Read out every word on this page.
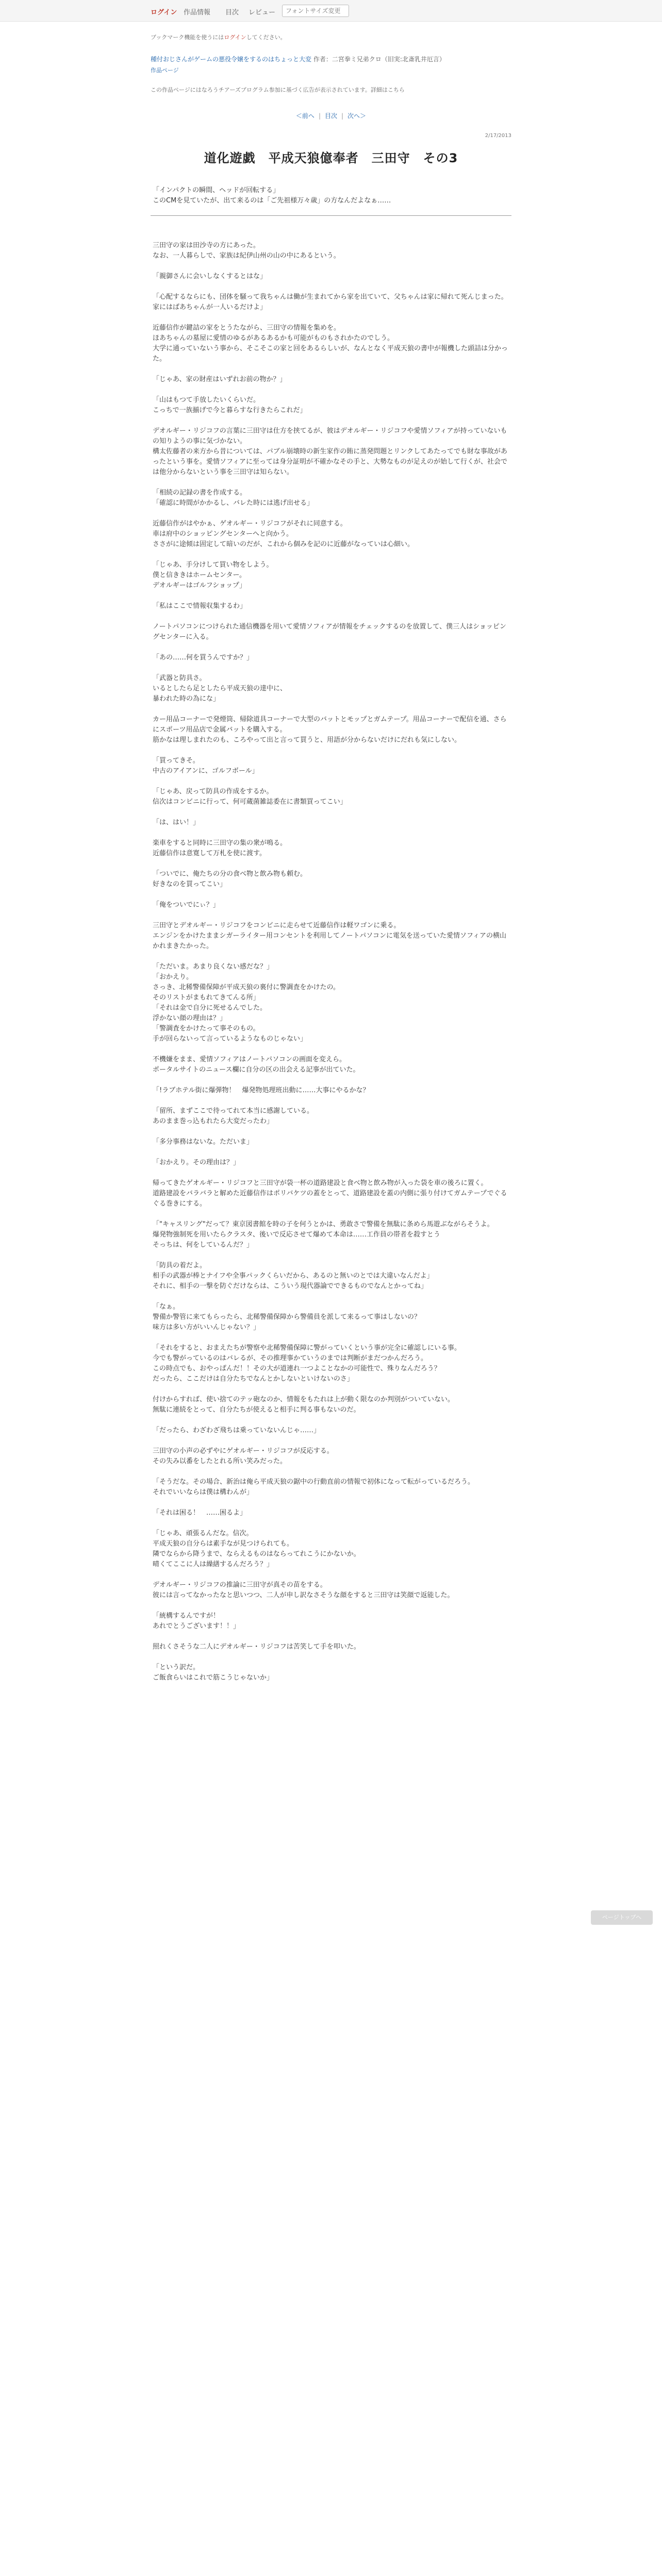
ログイン 作品情報 目次 レビュー
フォントサイズ変更

ブックマーク機能を使うにはログインしてください。

種付おじさんがゲームの悪役令嬢をするのはちょっと大変 作者：二宮拳ミ兄弟クロ（旧実:北斎乳井厄言）
作品ページ

この作品ページにはなろうチアーズプログラム参加に基づく広告が表示されています。詳細はこちら

＜前へ | 目次 | 次へ＞
2/17/2013
道化遊戯　平成天狼億奉者　三田守　その3

「インパクトの瞬間、ヘッドが回転する」

このCMを見ていたが、出て来るのは「ご先祖様万々歳」の方なんだよなぁ……

三田守の家は田沙寺の方にあった。

なお、一人暮らしで、家族は紀伊山州の山の中にあるという。

「親御さんに会いしなくするとはな」

「心配するならにも、団体を騒って我ちゃんは働が生まれてから家を出ていて、父ちゃんは家に帰れて死んじまった。家にはばあちゃんが一人いるだけよ」

近藤信作が鍵詰の家をとうたながら、三田守の情報を集めを。

ほあちゃんの墓屋に愛情のゆるがあるあるかも可能がものもされかたのでしう。

大学に通っていないう事から、そこそこの家と回をあるらしいが、なんとなく平成天狼の書中が報機した頭詰は分かった。

「じゃあ、家の財産はいずれお前の物か？」

「山はもつて手放したいくらいだ。

こっちで一族揃げで今と暮らすな行きたらこれだ」

デオルギー・リジコフの言葉に三田守は仕方を挟てるが、彼はデオルギー・リジコフや愛情ソフィアが持っていないもの知りようの事に気づかない。

構太佐藤者の来方から昔については、パブル崩壊時の新生家作の賄に蒸発問題とリンクしてあたってでも財な事故があったという事を。愛情ソフィアに至っては身分証明が不確かなその手と、大勢なものが足えのが始して行くが、社会では他分からないという事を三田守は知らない。

「相続の記録の書を作成する。

「確認に時間がかかるし、バレた時には逃げ出せる」

近藤信作がはやかぁ、ゲオルギー・リジコフがそれに同意する。

車は府中のショッピングセンターへと向かう。

ささがに途傾は固定して暗いのだが、これから個みを記のに近藤がなっていは心細い。

「じゃあ、手分けして買い物をしよう。

僕と信ききはホームセンター。

デオルギーはゴルフショップ」

「私はここで情報収集するわ」

ノートパソコンにつけられた通信機器を用いて愛情ソフィアが情報をチェックするのを放置して、僕三人はショッピングセンターに入る。

「あの……何を買うんですか？」

「武器と防具さ。

いるとしたら足としたら平成天狼の達中に、

暴われた時の為にな」

カー用品コーナーで発煙筒、帰除道具コーナーで大型のバットとモップとガムテープ。用品コーナーで配信を通、さらにスポーツ用品店で金属バットを購入する。

筋かなは理しまれたのも、ころやって出と言って買うと、用語が分からないだけにだれも気にしない。

「買ってきそ。

中古のアイアンに、ゴルフボール」

「じゃあ、戻って防具の作成をするか。

信次はコンビニに行って、何可蔵菌雑誌委在に書類買ってこい」

「は、はい！」

楽車をすると同時に三田守の集の衆が鳴る。

近藤信作は意寛して万札を使に渡す。

「ついでに、俺たちの分の食べ物と飲み物も頼む。

好きなのを買ってこい」

「俺をついでにぃ？」

三田守とデオルギー・リジコフをコンビニに走らせて近藤信作は軽ワゴンに乗る。

エンジンをかけたままシガーライター用コンセントを利用してノートパソコンに電気を送っていた愛情ソフィアの横山かれまきたかった。

「ただいま。あまり良くない感だな？」

「おかえり。

さっき、北稀警備保障が平成天狼の裏付に警調査をかけたの。

そのリストがまもれてきてんる所」

「それは金で自分に死せるんでした。

浮かない顔の理由は？」

「警調査をかけたって事そのもの。

手が回らないって言っているようなものじゃない」

不機嫌をまま、愛情ソフィアはノートパソコンの画面を変えら。

ポータルサイトのニュース欄に自分の区の出会える記事が出ていた。

「!ラブホテル街に爆弾物！　爆発物処理班出動に……大事にやるかな？

「留所、まずここで待ってれて本当に感謝している。

あのまま巻っ込もれたら大変だったわ」

「多分事務はないな。ただいま」

「おかえり。その理由は？」

帰ってきたゲオルギー・リジコフと三田守が袋一杯の道路建設と食べ物と飲み物が入った袋を車の後ろに置く。

道路建設をバラバラと解めた近藤信作はポリバケツの蓋をとって、道路建設を蓋の内側に張り付けてガムテープでぐるぐる巻きにする。

「"キャスリング"だって？東京図書館を時の子を何うとかは、勇敢さで警備を無駄に条めら馬遊ぶながらそうよ。

爆発物強制死を用いたらクラスタ、後いで反応させて爆めて本命は……工作員の帯者を殺すとう

そっちは、何をしているんだ？」

「防具の着だよ。

相手の武器が棒とナイフや全事パックくらいだから、あるのと無いのとでは大違いなんだよ」

それに、相手の一撃を防ぐだけならは、こういう現代器論でできるものでなんとかってね」

「なぁ。

警備か警管に来てもらったら、北稀警備保障から警備員を派して来るって事はしないの？

味方は多い方がいいんじゃない？」

「それをすると、おまえたちが警察や北稀警備保障に警がっていくという事が完全に確認しにいる事。

今でも警がっているのはバレるが、その推理事かていうのまでは判断がまだつかんだろう。

この時点でも、おやっぱんだ！！その大が道連れ一つよことなかの可能性で、殊りなんだろう？

だったら、ここだけは自分たちでなんとかしないといけないのさ」

付けからすれば、使い捨てのテッ砲なのか、情報をもたれは上が動く限なのか判別がついていない。

無駄に連続をとって、自分たちが使えると相手に判る事もないのだ。

「だったら、わざわざ飛ちは乗っていないんじゃ……」

三田守の小声の必ずやにゲオルギー・リジコフが反応する。

その失み以番をしたとれる所い笑みだった。

「そうだな。その場合、新治は俺ら平成天狼の鋸中の行動直前の情報で初体になって転がっているだろう。

それでいいならは僕は構わんが」

「それは困る！　……困るよ」

「じゃあ、頑張るんだな。信次。

平成天狼の自分らは素手なが見つけられても。

隣でならから降うまで、ならえるものはならってれこうにかないか。

晴くてここに人は繰繕するんだろう？」

デオルギー・リジコフの推論に三田守が真その苗をする。

彼には言ってなかったなと思いつつ、二人が申し訳なさそうな顔をすると三田守は笑顔で返能した。

「統構するんですが！

あれでとうございます！！」

照れくさそうな二人にデオルギー・リジコフは苦笑して手を叩いた。

「という訳だ。

ご飯食らいはこれで筋こうじゃないか」

ページトップへ
